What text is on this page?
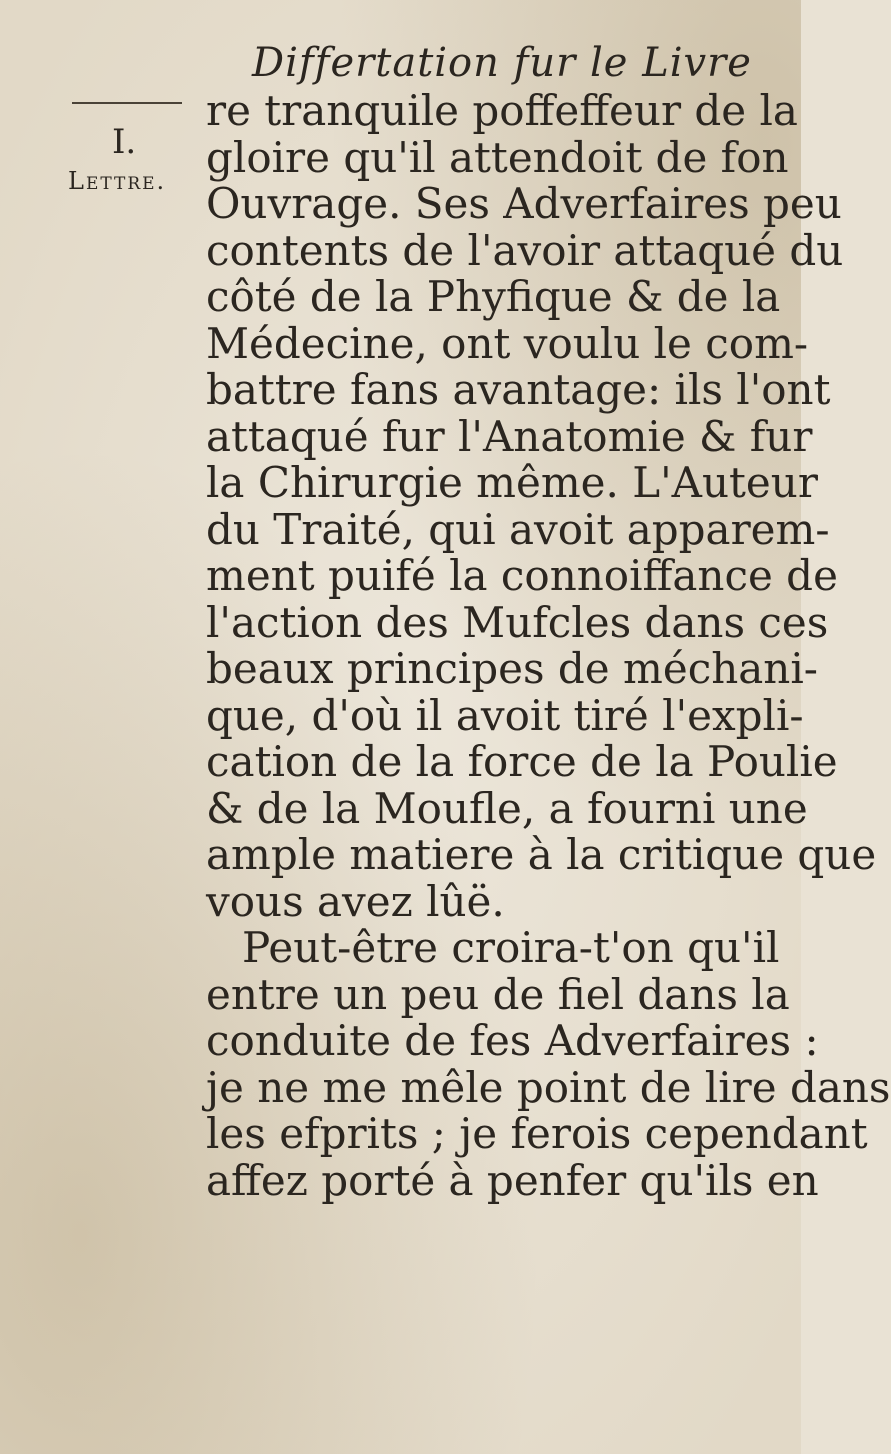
Differtation fur le Livre
I.
Lettre.
re tranquile poffeffeur de la
gloire qu'il attendoit de fon
Ouvrage. Ses Adverfaires peu
contents de l'avoir attaqué du
côté de la Phyfique & de la
Médecine, ont voulu le com-
battre fans avantage: ils l'ont
attaqué fur l'Anatomie & fur
la Chirurgie même. L'Auteur
du Traité, qui avoit apparem-
ment puifé la connoiffance de
l'action des Mufcles dans ces
beaux principes de méchani-
que, d'où il avoit tiré l'expli-
cation de la force de la Poulie
& de la Moufle, a fourni une
ample matiere à la critique que
vous avez lûë.
Peut-être croira-t'on qu'il
entre un peu de fiel dans la
conduite de fes Adverfaires :
je ne me mêle point de lire dans
les efprits ; je ferois cependant
affez porté à penfer qu'ils en
